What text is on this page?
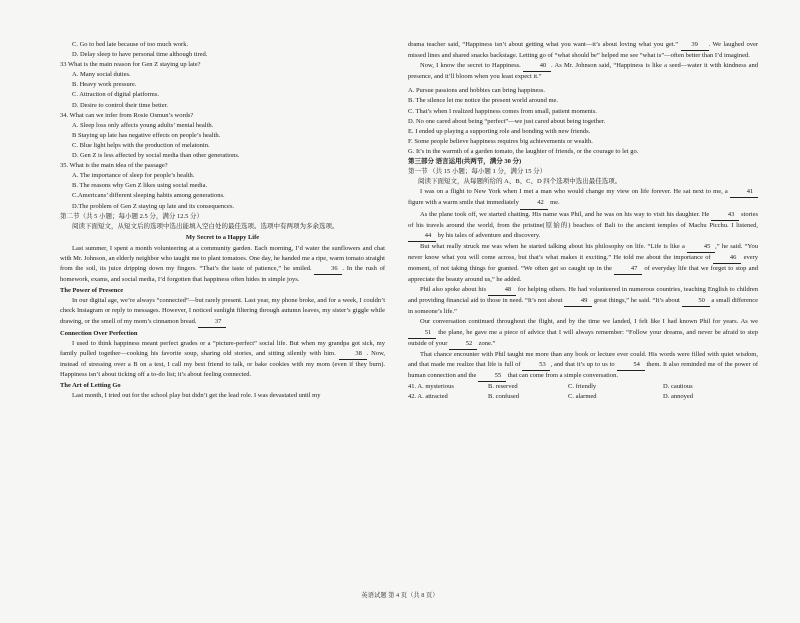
C. Go to bed late because of too much work.
D. Delay sleep to have personal time although tired.
33 What is the main reason for Gen Z staying up late?
A. Many social duties.
B. Heavy work pressure.
C. Attraction of digital platforms.
D. Desire to control their time better.
34. What can we infer from Rosie Osmun’s words?
A. Sleep loss only affects young adults’ mental health.
B Staying up late has negative effects on people’s health.
C. Blue light helps with the production of melatonin.
D. Gen Z is less affected by social media than other generations.
35. What is the main idea of the passage?
A. The importance of sleep for people’s health.
B. The reasons why Gen Z likes using social media.
C.Americans’ different sleeping habits among generations.
D.The problem of Gen Z staying up late and its consequences.
第二节（共 5 小题；每小题 2.5 分，满分 12.5 分）
阅读下面短文，从短文后的选项中选出能填入空白处的最佳选项。选项中有两项为多余选项。
My Secret to a Happy Life
Last summer, I spent a month volunteering at a community garden. Each morning, I’d water the sunflowers and chat with Mr. Johnson, an elderly neighbor who taught me to plant tomatoes. One day, he handed me a ripe, warm tomato straight from the soil, its juice dripping down my fingers. “That’s the taste of patience,” he smiled.	36 . In the rush of homework, exams, and social media, I’d forgotten that happiness often hides in simple joys.
The Power of Presence
In our digital age, we’re always “connected”—but rarely present. Last year, my phone broke, and for a week, I couldn’t check Instagram or reply to messages. However, I noticed sunlight filtering through autumn leaves, my sister’s giggle while drawing, or the smell of my mom’s cinnamon bread.	37
Connection Over Perfection
I used to think happiness meant perfect grades or a “picture-perfect” social life. But when my grandpa got sick, my family pulled together—cooking his favorite soup, sharing old stories, and sitting silently with him.	38 . Now, instead of stressing over a B on a test, I call my best friend to talk, or bake cookies with my mom (even if they burn). Happiness isn’t about ticking off a to-do list; it’s about feeling connected.
The Art of Letting Go
Last month, I tried out for the school play but didn’t get the lead role. I was devastated until my
drama teacher said, “Happiness isn’t about getting what you want—it’s about loving what you get.” 39 . We laughed over missed lines and shared snacks backstage. Letting go of “what should be” helped me see “what is”—often better than I’d imagined.
Now, I know the secret to Happiness.	40 . As Mr. Johnson said, “Happiness is like a seed—water it with kindness and presence, and it’ll bloom when you least expect it.”
A. Pursue passions and hobbies can bring happiness.
B. The silence let me notice the present world around me.
C. That’s when I realized happiness comes from small, patient moments.
D. No one cared about being “perfect”—we just cared about being together.
E. I ended up playing a supporting role and bonding with new friends.
F. Some people believe happiness requires big achievements or wealth.
G. It’s in the warmth of a garden tomato, the laughter of friends, or the courage to let go.
第三部分 语言运用(共两节，满分 30 分)
第一节 （共 15 小题；每小题 1 分，满分 15 分）
阅读下面短文，从每题所给的 A、B、C、D 四个选项中选出最佳选项。
I was on a flight to New York when I met a man who would change my view on life forever. He sat next to me, a	41 figure with a warm smile that immediately	42 me.
As the plane took off, we started chatting. His name was Phil, and he was on his way to visit his daughter. He	43 stories of his travels around the world, from the pristine(原始的) beaches of Bali to the ancient temples of Machu Picchu. I listened, 44 by his tales of adventure and discovery.
But what really struck me was when he started talking about his philosophy on life. “Life is like a	45 ,” he said. “You never know what you will come across, but that’s what makes it exciting.” He told me about the importance of	46 every moment, of not taking things for granted. “We often get so caught up in the	47 of everyday life that we forget to stop and appreciate the beauty around us,” he added.
Phil also spoke about his	48 for helping others. He had volunteered in numerous countries, teaching English to children and providing financial aid to those in need. “It’s not about	49 great things,” he said. “It’s about	50 a small difference in someone’s life.”
Our conversation continued throughout the flight, and by the time we landed, I felt like I had known Phil for years. As we 51 the plane, he gave me a piece of advice that I will always remember: “Follow your dreams, and never be afraid to step outside of your	52 zone.”
That chance encounter with Phil taught me more than any book or lecture ever could. His words were filled with quiet wisdom, and that made me realize that life is full of	53 , and that it’s up to us to	54 them. It also reminded me of the power of human connection and the	55 that can come from a simple conversation.
41. A. mysterious	B. reserved	C. friendly	D. cautious
42. A. attracted	B. confused	C. alarmed	D. annoyed
英语试题 第 4 页（共 8 页）
